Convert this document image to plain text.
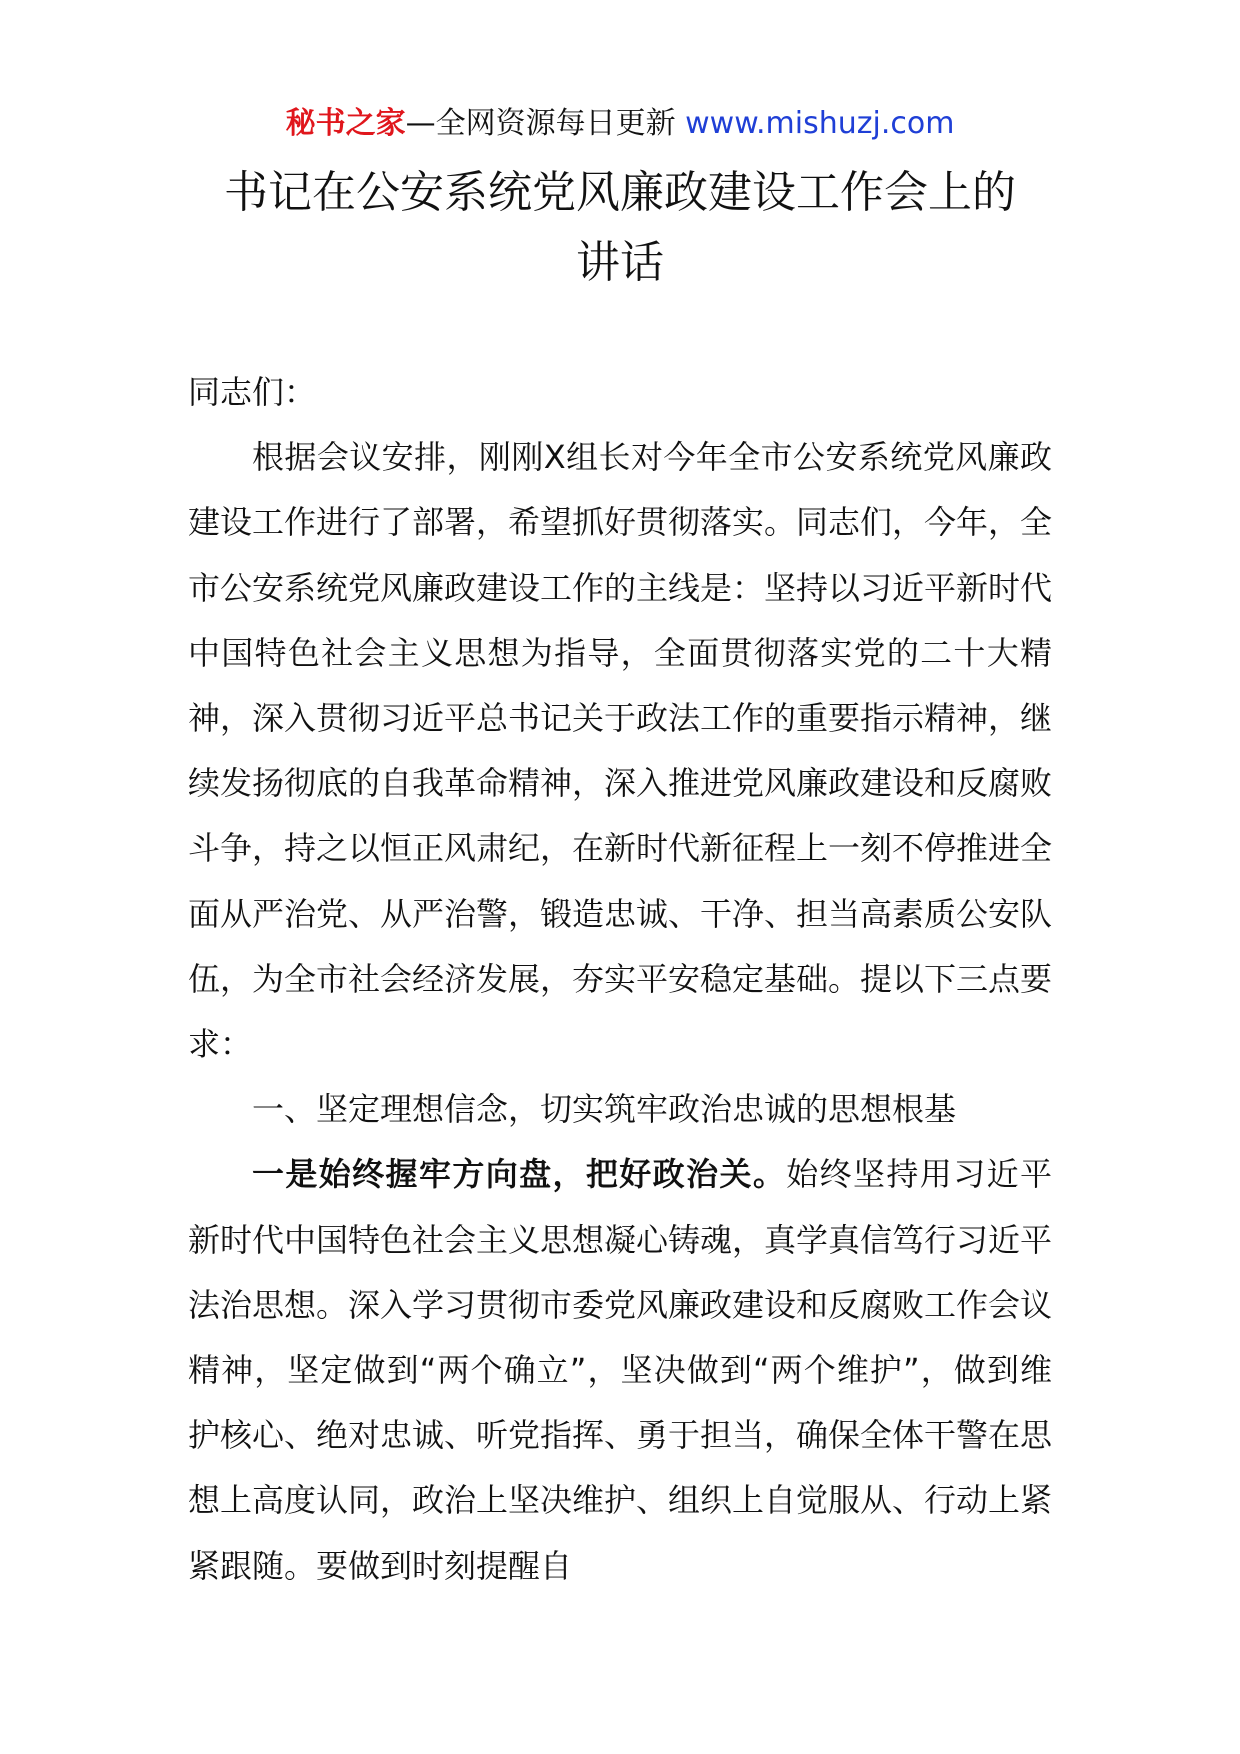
秘书之家—全网资源每日更新 www.mishuzj.com
书记在公安系统党风廉政建设工作会上的
讲话

同志们：

根据会议安排，刚刚X组长对今年全市公安系统党风廉政建设工作进行了部署，希望抓好贯彻落实。同志们，今年，全市公安系统党风廉政建设工作的主线是：坚持以习近平新时代中国特色社会主义思想为指导，全面贯彻落实党的二十大精神，深入贯彻习近平总书记关于政法工作的重要指示精神，继续发扬彻底的自我革命精神，深入推进党风廉政建设和反腐败斗争，持之以恒正风肃纪，在新时代新征程上一刻不停推进全面从严治党、从严治警，锻造忠诚、干净、担当高素质公安队伍，为全市社会经济发展，夯实平安稳定基础。提以下三点要求：

一、坚定理想信念，切实筑牢政治忠诚的思想根基

一是始终握牢方向盘，把好政治关。始终坚持用习近平新时代中国特色社会主义思想凝心铸魂，真学真信笃行习近平法治思想。深入学习贯彻市委党风廉政建设和反腐败工作会议精神，坚定做到“两个确立”，坚决做到“两个维护”，做到维护核心、绝对忠诚、听党指挥、勇于担当，确保全体干警在思想上高度认同，政治上坚决维护、组织上自觉服从、行动上紧紧跟随。要做到时刻提醒自
